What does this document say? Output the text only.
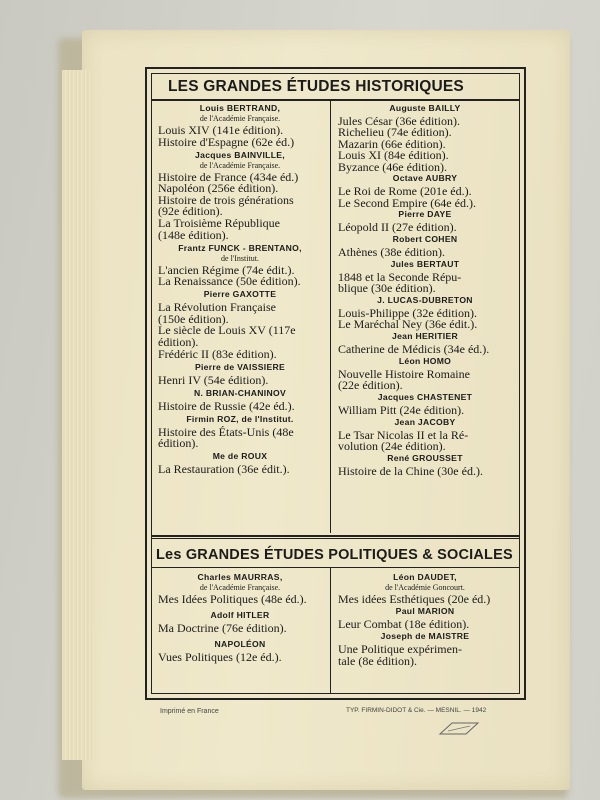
LES GRANDES ÉTUDES HISTORIQUES
Louis BERTRAND,
de l'Académie Française.
Louis XIV (141e édition).
Histoire d'Espagne (62e éd.)
Jacques BAINVILLE,
de l'Académie Française.
Histoire de France (434e éd.)
Napoléon (256e édition).
Histoire de trois générations
(92e édition).
La Troisième République
(148e édition).
Frantz FUNCK - BRENTANO,
de l'Institut.
L'ancien Régime (74e édit.).
La Renaissance (50e édition).
Pierre GAXOTTE
La Révolution Française
(150e édition).
Le siècle de Louis XV (117e
édition).
Frédéric II (83e édition).
Pierre de VAISSIERE
Henri IV (54e édition).
N. BRIAN-CHANINOV
Histoire de Russie (42e éd.).
Firmin ROZ, de l'Institut.
Histoire des États-Unis (48e
édition).
Me de ROUX
La Restauration (36e édit.).
Auguste BAILLY
Jules César (36e édition).
Richelieu (74e édition).
Mazarin (66e édition).
Louis XI (84e édition).
Byzance (46e édition).
Octave AUBRY
Le Roi de Rome (201e éd.).
Le Second Empire (64e éd.).
Pierre DAYE
Léopold II (27e édition).
Robert COHEN
Athènes (38e édition).
Jules BERTAUT
1848 et la Seconde Répu-
blique (30e édition).
J. LUCAS-DUBRETON
Louis-Philippe (32e édition).
Le Maréchal Ney (36e édit.).
Jean HERITIER
Catherine de Médicis (34e éd.).
Léon HOMO
Nouvelle Histoire Romaine
(22e édition).
Jacques CHASTENET
William Pitt (24e édition).
Jean JACOBY
Le Tsar Nicolas II et la Ré-
volution (24e édition).
René GROUSSET
Histoire de la Chine (30e éd.).
Les GRANDES ÉTUDES POLITIQUES & SOCIALES
Charles MAURRAS,
de l'Académie Française.
Mes Idées Politiques (48e éd.).
Adolf HITLER
Ma Doctrine (76e édition).
NAPOLÉON
Vues Politiques (12e éd.).
Léon DAUDET,
de l'Académie Goncourt.
Mes idées Esthétiques (20e éd.)
Paul MARION
Leur Combat (18e édition).
Joseph de MAISTRE
Une Politique expérimen-
tale (8e édition).
Imprimé en France	TYP. FIRMIN-DIDOT & Cie. — MESNIL. — 1942
